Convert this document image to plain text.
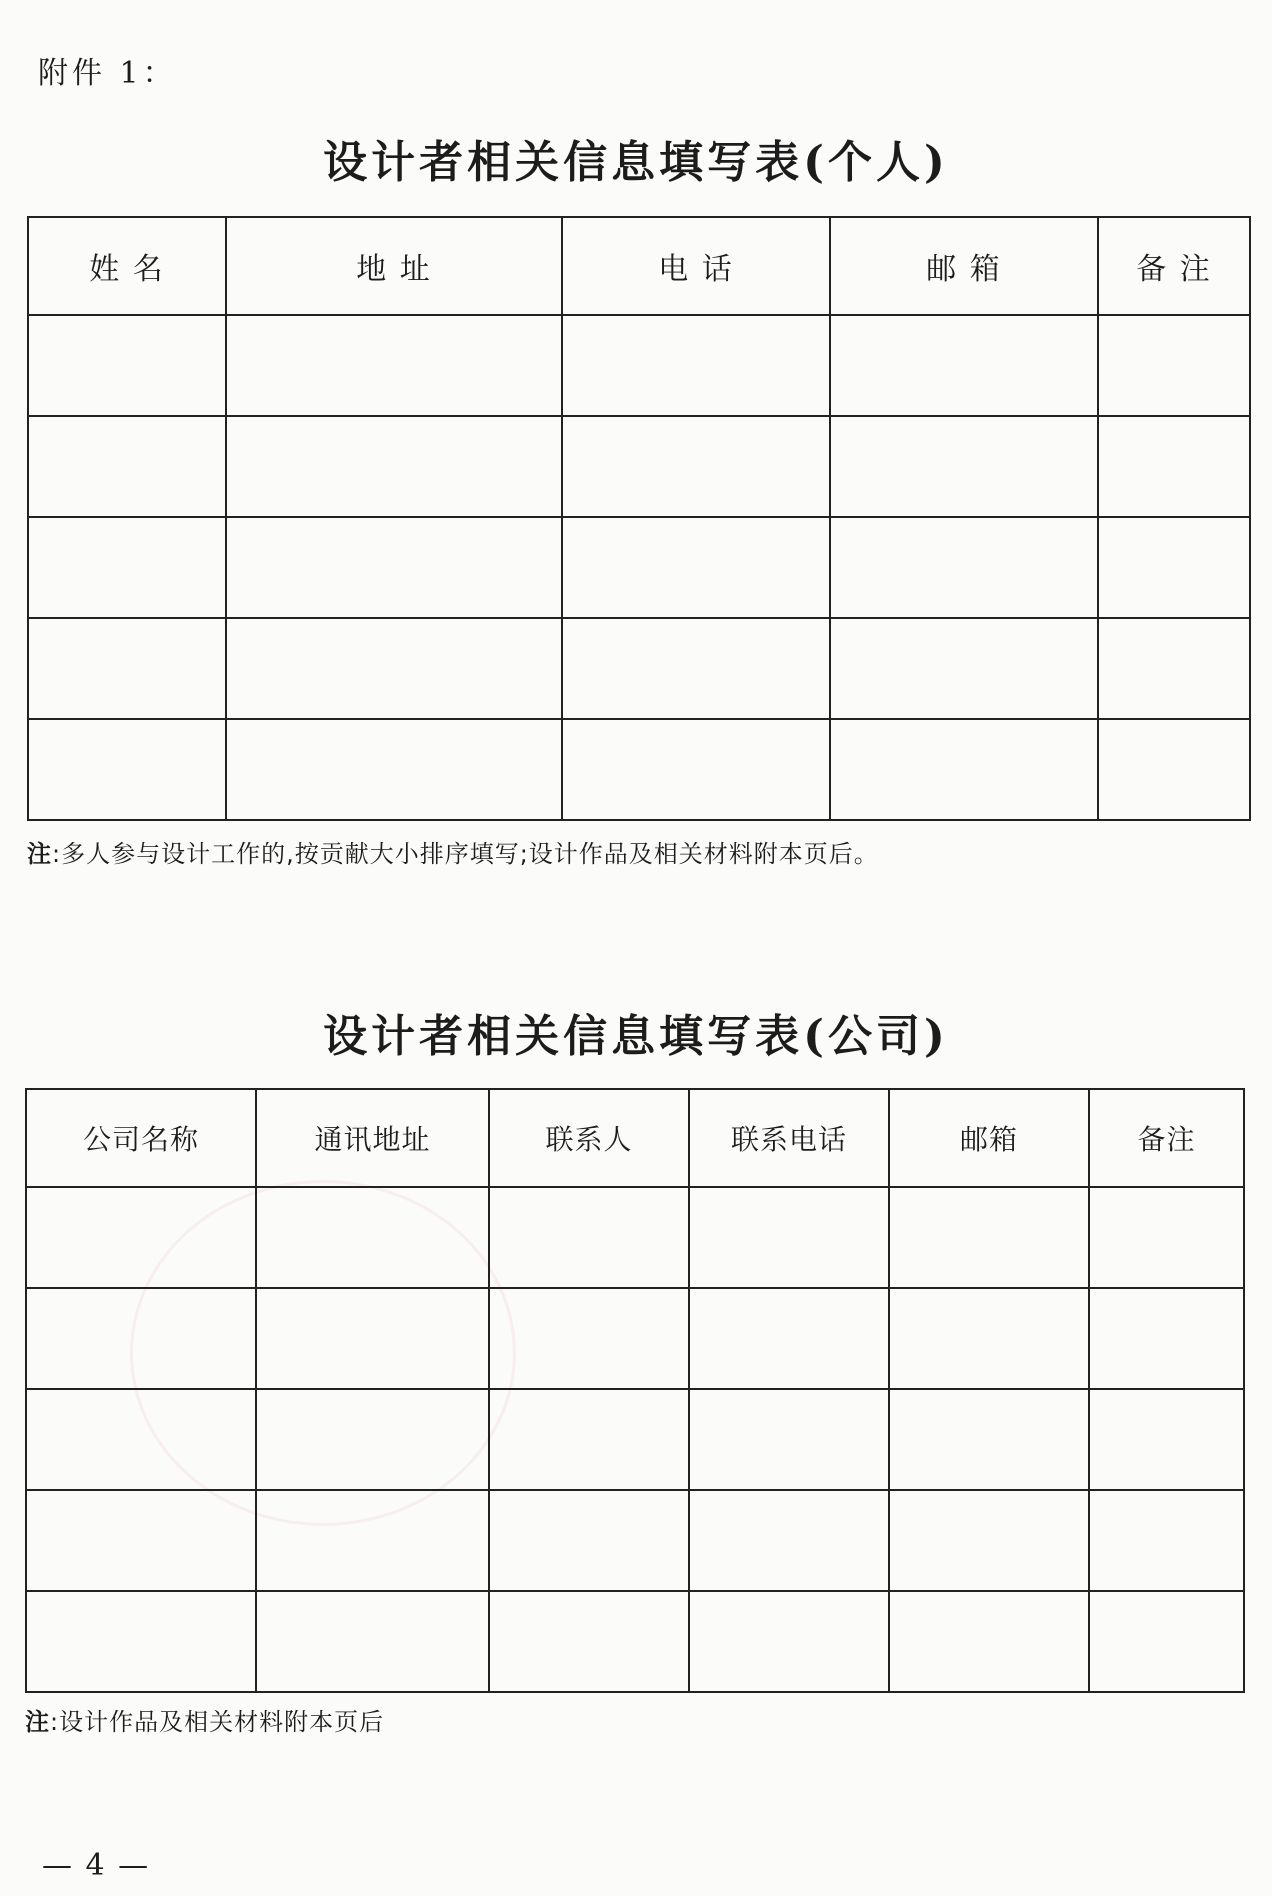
附件 1：
设计者相关信息填写表(个人)
姓 名	地 址	电 话	邮 箱	备 注

注:多人参与设计工作的,按贡献大小排序填写;设计作品及相关材料附本页后。
设计者相关信息填写表(公司)
公司名称	通讯地址	联系人	联系电话	邮箱	备注

注:设计作品及相关材料附本页后
— 4 —
